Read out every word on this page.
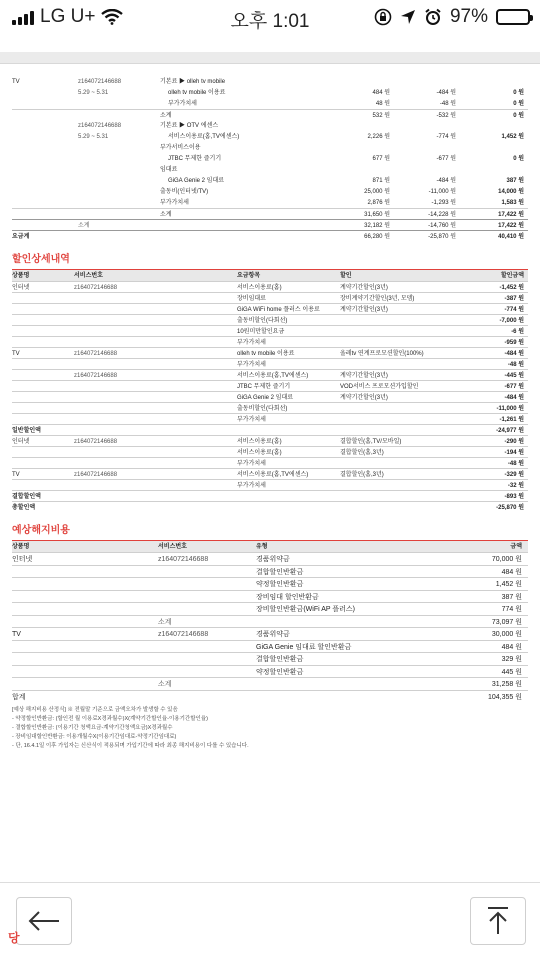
LG U+	오후 1:01	97%
TV	z164072146688	기본료 ▶ olleh tv mobile
5.29 ~ 5.31	olleh tv mobile 이용료	484 원	-484 원	0 원
부가가치세	48 원	-48 원	0 원
소계	532 원	-532 원	0 원
z164072146688	기본료 ▶ OTV 에센스
5.29 ~ 5.31	서비스이용료(홈,TV에센스)	2,226 원	-774 원	1,452 원
부가서비스이용
JTBC 무제한 즐기기	677 원	-677 원	0 원
임대료
GiGA Genie 2 임대료	871 원	-484 원	387 원
출동비(인터넷/TV)	25,000 원	-11,000 원	14,000 원
부가가치세	2,876 원	-1,293 원	1,583 원
소계	31,650 원	-14,228 원	17,422 원
소계	32,182 원	-14,760 원	17,422 원
요금계	66,280 원	-25,870 원	40,410 원
할인상세내역
상품명	서비스번호	요금항목	할인	할인금액
인터넷	z164072146688	서비스이용료(홈)	계약기간할인(3년)	-1,452 원
장비임대료	장비계약기간할인(3년, 모뎀)	-387 원
GiGA WiFi home 플러스 이용료	계약기간할인(3년)	-774 원
출동비할인(다회선)	-7,000 원
10원미만할인요금	-6 원
부가가치세	-959 원
TV	z164072146688	olleh tv mobile 이용료	올레tv 연계프로모션할인(100%)	-484 원
부가가치세	-48 원
z164072146688	서비스이용료(홈,TV에센스)	계약기간할인(3년)	-445 원
JTBC 무제한 즐기기	VOD서비스 프로모션가입할인	-677 원
GiGA Genie 2 임대료	계약기간할인(3년)	-484 원
출동비할인(다회선)	-11,000 원
부가가치세	-1,261 원
일반할인액	-24,977 원
인터넷	z164072146688	서비스이용료(홈)	결합할인(홈,TV/모바일)	-290 원
서비스이용료(홈)	결합할인(홈,3년)	-194 원
부가가치세	-48 원
TV	z164072146688	서비스이용료(홈,TV에센스)	결합할인(홈,3년)	-329 원
부가가치세	-32 원
결합할인액	-893 원
총할인액	-25,870 원
예상해지비용
상품명	서비스번호	유형	금액
인터넷	z164072146688	경품위약금	70,000 원
결합할인반환금	484 원
약정할인반환금	1,452 원
장비임대 할인반환금	387 원
장비할인반환금(WiFi AP 플러스)	774 원
소계	73,097 원
TV	z164072146688	경품위약금	30,000 원
GiGA Genie 임대료 할인반환금	484 원
결합할인반환금	329 원
약정할인반환금	445 원
소계	31,258 원
합계	104,355 원
[예상 해지비용 산정식] ※ 전월말 기준으로 금액오차가 발생할 수 있음
- 약정할인반환금: (할인전 월 이용료X경과월수)X(계약기간할인율-이용기간할인율)
- 결합할인반환금: (이용기간 청액요금-계약기간청액요금)X경과월수
- 장비임대할인반환금: 이용개월수X(이용기간임대료-약정기간임대료)
- 단, 16.4.1일 이후 가입자는 신산식이 적용되며 가입기간에 따라 최종 해지비용이 다를 수 있습니다.
당
